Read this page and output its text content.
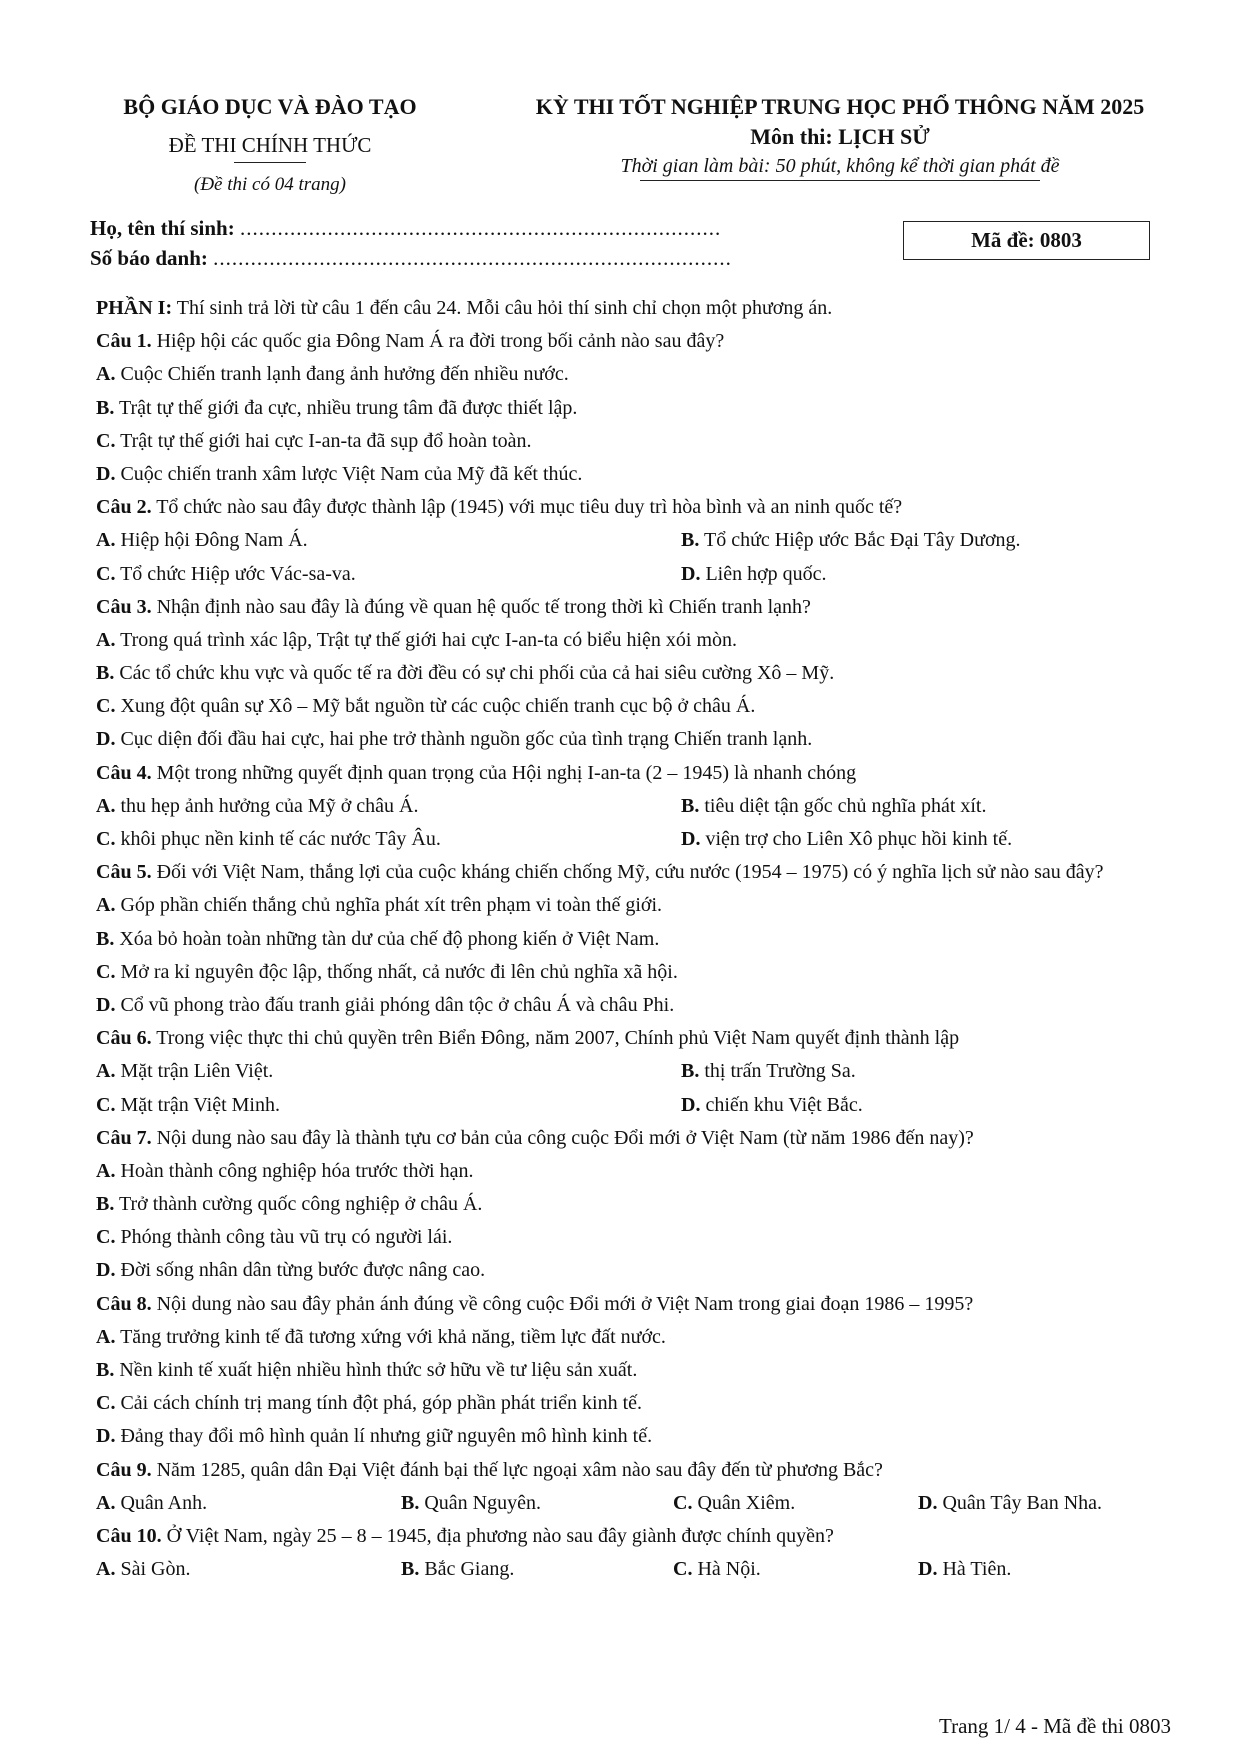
BỘ GIÁO DỤC VÀ ĐÀO TẠO
ĐỀ THI CHÍNH THỨC
(Đề thi có 04 trang)
KỲ THI TỐT NGHIỆP TRUNG HỌC PHỔ THÔNG NĂM 2025
Môn thi: LỊCH SỬ
Thời gian làm bài: 50 phút, không kể thời gian phát đề
Họ, tên thí sinh: .............................................................................
Số báo danh: ...................................................................................
Mã đề: 0803
PHẦN I: Thí sinh trả lời từ câu 1 đến câu 24. Mỗi câu hỏi thí sinh chỉ chọn một phương án.
Câu 1. Hiệp hội các quốc gia Đông Nam Á ra đời trong bối cảnh nào sau đây?
A. Cuộc Chiến tranh lạnh đang ảnh hưởng đến nhiều nước.
B. Trật tự thế giới đa cực, nhiều trung tâm đã được thiết lập.
C. Trật tự thế giới hai cực I-an-ta đã sụp đổ hoàn toàn.
D. Cuộc chiến tranh xâm lược Việt Nam của Mỹ đã kết thúc.
Câu 2. Tổ chức nào sau đây được thành lập (1945) với mục tiêu duy trì hòa bình và an ninh quốc tế?
A. Hiệp hội Đông Nam Á.	B. Tổ chức Hiệp ước Bắc Đại Tây Dương.
C. Tổ chức Hiệp ước Vác-sa-va.	D. Liên hợp quốc.
Câu 3. Nhận định nào sau đây là đúng về quan hệ quốc tế trong thời kì Chiến tranh lạnh?
A. Trong quá trình xác lập, Trật tự thế giới hai cực I-an-ta có biểu hiện xói mòn.
B. Các tổ chức khu vực và quốc tế ra đời đều có sự chi phối của cả hai siêu cường Xô – Mỹ.
C. Xung đột quân sự Xô – Mỹ bắt nguồn từ các cuộc chiến tranh cục bộ ở châu Á.
D. Cục diện đối đầu hai cực, hai phe trở thành nguồn gốc của tình trạng Chiến tranh lạnh.
Câu 4. Một trong những quyết định quan trọng của Hội nghị I-an-ta (2 – 1945) là nhanh chóng
A. thu hẹp ảnh hưởng của Mỹ ở châu Á.	B. tiêu diệt tận gốc chủ nghĩa phát xít.
C. khôi phục nền kinh tế các nước Tây Âu.	D. viện trợ cho Liên Xô phục hồi kinh tế.
Câu 5. Đối với Việt Nam, thắng lợi của cuộc kháng chiến chống Mỹ, cứu nước (1954 – 1975) có ý nghĩa lịch sử nào sau đây?
A. Góp phần chiến thắng chủ nghĩa phát xít trên phạm vi toàn thế giới.
B. Xóa bỏ hoàn toàn những tàn dư của chế độ phong kiến ở Việt Nam.
C. Mở ra kỉ nguyên độc lập, thống nhất, cả nước đi lên chủ nghĩa xã hội.
D. Cổ vũ phong trào đấu tranh giải phóng dân tộc ở châu Á và châu Phi.
Câu 6. Trong việc thực thi chủ quyền trên Biển Đông, năm 2007, Chính phủ Việt Nam quyết định thành lập
A. Mặt trận Liên Việt.	B. thị trấn Trường Sa.
C. Mặt trận Việt Minh.	D. chiến khu Việt Bắc.
Câu 7. Nội dung nào sau đây là thành tựu cơ bản của công cuộc Đổi mới ở Việt Nam (từ năm 1986 đến nay)?
A. Hoàn thành công nghiệp hóa trước thời hạn.
B. Trở thành cường quốc công nghiệp ở châu Á.
C. Phóng thành công tàu vũ trụ có người lái.
D. Đời sống nhân dân từng bước được nâng cao.
Câu 8. Nội dung nào sau đây phản ánh đúng về công cuộc Đổi mới ở Việt Nam trong giai đoạn 1986 – 1995?
A. Tăng trưởng kinh tế đã tương xứng với khả năng, tiềm lực đất nước.
B. Nền kinh tế xuất hiện nhiều hình thức sở hữu về tư liệu sản xuất.
C. Cải cách chính trị mang tính đột phá, góp phần phát triển kinh tế.
D. Đảng thay đổi mô hình quản lí nhưng giữ nguyên mô hình kinh tế.
Câu 9. Năm 1285, quân dân Đại Việt đánh bại thế lực ngoại xâm nào sau đây đến từ phương Bắc?
A. Quân Anh.	B. Quân Nguyên.	C. Quân Xiêm.	D. Quân Tây Ban Nha.
Câu 10. Ở Việt Nam, ngày 25 – 8 – 1945, địa phương nào sau đây giành được chính quyền?
A. Sài Gòn.	B. Bắc Giang.	C. Hà Nội.	D. Hà Tiên.
Trang 1/ 4 - Mã đề thi 0803
